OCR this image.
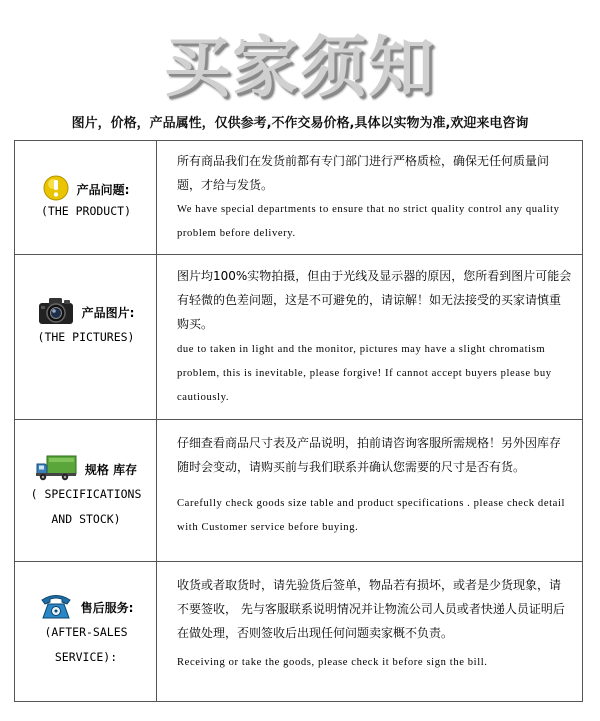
买家须知
图片，价格，产品属性，仅供参考,不作交易价格,具体以实物为准,欢迎来电咨询
产品问题:
(THE PRODUCT)
所有商品我们在发货前都有专门部门进行严格质检，确保无任何质量问题，才给与发货。
We have special departments to ensure that no strict quality control any quality problem before delivery.
产品图片:
(THE PICTURES)
图片均100%实物拍摄，但由于光线及显示器的原因，您所看到图片可能会有轻微的色差问题，这是不可避免的，请谅解！如无法接受的买家请慎重购买。
due to taken in light and the monitor, pictures may have a slight chromatism problem, this is inevitable, please forgive! If cannot accept buyers please buy cautiously.
规格 库存
( SPECIFICATIONS
AND STOCK)
仔细查看商品尺寸表及产品说明，拍前请咨询客服所需规格！另外因库存随时会变动，请购买前与我们联系并确认您需要的尺寸是否有货。
Carefully check goods size table and product specifications . please check detail with Customer service before buying.
售后服务:
(AFTER-SALES
SERVICE):
收货或者取货时，请先验货后签单，物品若有损坏，或者是少货现象，请不要签收， 先与客服联系说明情况并让物流公司人员或者快递人员证明后在做处理，否则签收后出现任何问题卖家概不负责。
Receiving or take the goods, please check it before sign the bill.
